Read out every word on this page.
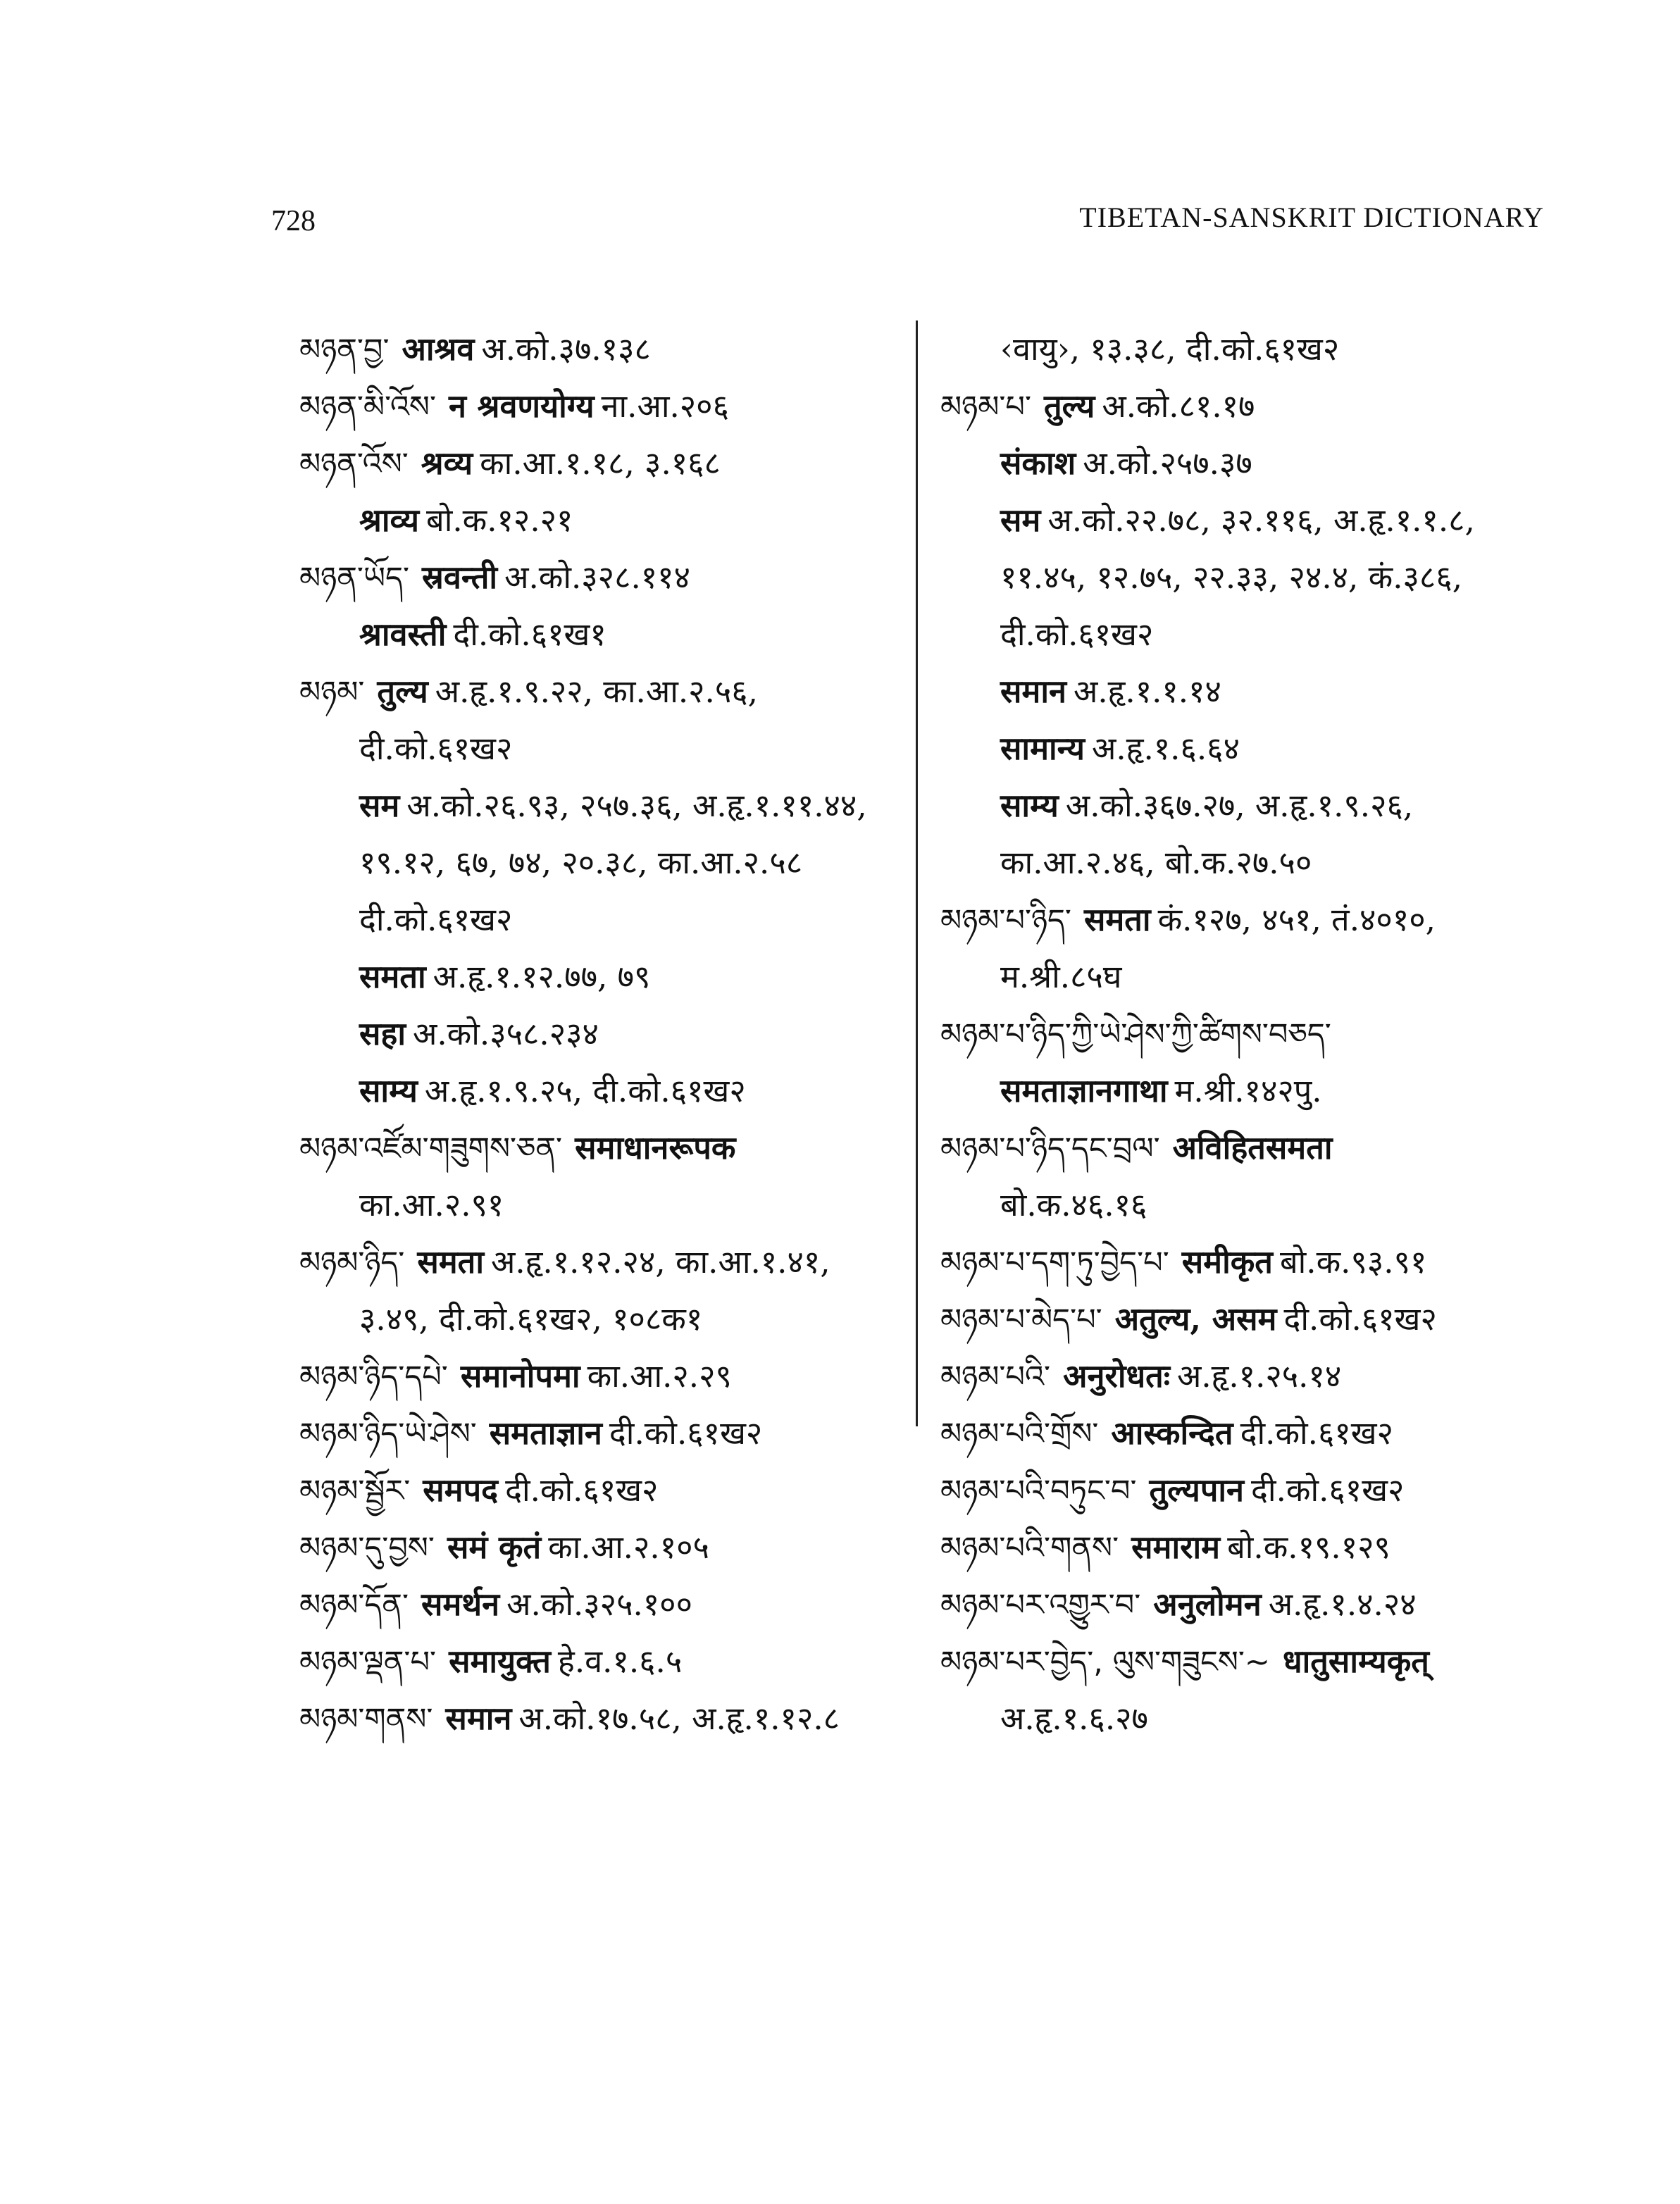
728	TIBETAN-SANSKRIT DICTIONARY
མཉན་བྱ་ आश्रव अ.को.३७.१३८
མཉན་མི་འོས་ न श्रवणयोग्य ना.आ.२०६
མཉན་འོས་ श्रव्य का.आ.१.१८, ३.१६८
श्राव्य बो.क.१२.२१
མཉན་ཡོད་ स्रवन्ती अ.को.३२८.११४
श्रावस्ती दी.को.६१ख१
མཉམ་ तुल्य अ.हृ.१.९.२२, का.आ.२.५६,
दी.को.६१ख२
सम अ.को.२६.९३, २५७.३६, अ.हृ.१.११.४४,
१९.१२, ६७, ७४, २०.३८, का.आ.२.५८
दी.को.६१ख२
समता अ.हृ.१.१२.७७, ७९
सहा अ.को.३५८.२३४
साम्य अ.हृ.१.९.२५, दी.को.६१ख२
མཉམ་འཛོམ་གཟུགས་ཅན་ समाधानरूपक
का.आ.२.९१
མཉམ་ཉིད་ समता अ.हृ.१.१२.२४, का.आ.१.४१,
३.४९, दी.को.६१ख२, १०८क१
མཉམ་ཉིད་དཔེ་ समानोपमा का.आ.२.२९
མཉམ་ཉིད་ཡེ་ཤེས་ समताज्ञान दी.को.६१ख२
མཉམ་སྦྱོར་ समपद दी.को.६१ख२
མཉམ་དུ་བྱས་ समं कृतं का.आ.२.१०५
མཉམ་དོན་ समर्थन अ.को.३२५.१००
མཉམ་ལྡན་པ་ समायुक्त हे.व.१.६.५
མཉམ་གནས་ समान अ.को.१७.५८, अ.हृ.१.१२.८
‹वायु›, १३.३८, दी.को.६१ख२
མཉམ་པ་ तुल्य अ.को.८१.१७
संकाश अ.को.२५७.३७
सम अ.को.२२.७८, ३२.११६, अ.हृ.१.१.८,
११.४५, १२.७५, २२.३३, २४.४, कं.३८६,
दी.को.६१ख२
समान अ.हृ.१.१.१४
सामान्य अ.हृ.१.६.६४
साम्य अ.को.३६७.२७, अ.हृ.१.९.२६,
का.आ.२.४६, बो.क.२७.५०
མཉམ་པ་ཉིད་ समता कं.१२७, ४५१, तं.४०१०,
म.श्री.८५घ
མཉམ་པ་ཉིད་ཀྱི་ཡེ་ཤེས་ཀྱི་ཚིགས་བཅད་
समताज्ञानगाथा म.श्री.१४२पु.
མཉམ་པ་ཉིད་དང་བྲལ་ अविहितसमता
बो.क.४६.१६
མཉམ་པ་དག་ཏུ་བྱེད་པ་ समीकृत बो.क.९३.९१
མཉམ་པ་མེད་པ་ अतुल्य, असम दी.को.६१ख२
མཉམ་པའི་ अनुरोधतः अ.हृ.१.२५.१४
མཉམ་པའི་གྲོས་ आस्कन्दित दी.को.६१ख२
མཉམ་པའི་བཏུང་བ་ तुल्यपान दी.को.६१ख२
མཉམ་པའི་གནས་ समाराम बो.क.१९.१२९
མཉམ་པར་འགྱུར་བ་ अनुलोमन अ.हृ.१.४.२४
མཉམ་པར་བྱེད་, ལུས་གཟུངས་~ धातुसाम्यकृत्
अ.हृ.१.६.२७
